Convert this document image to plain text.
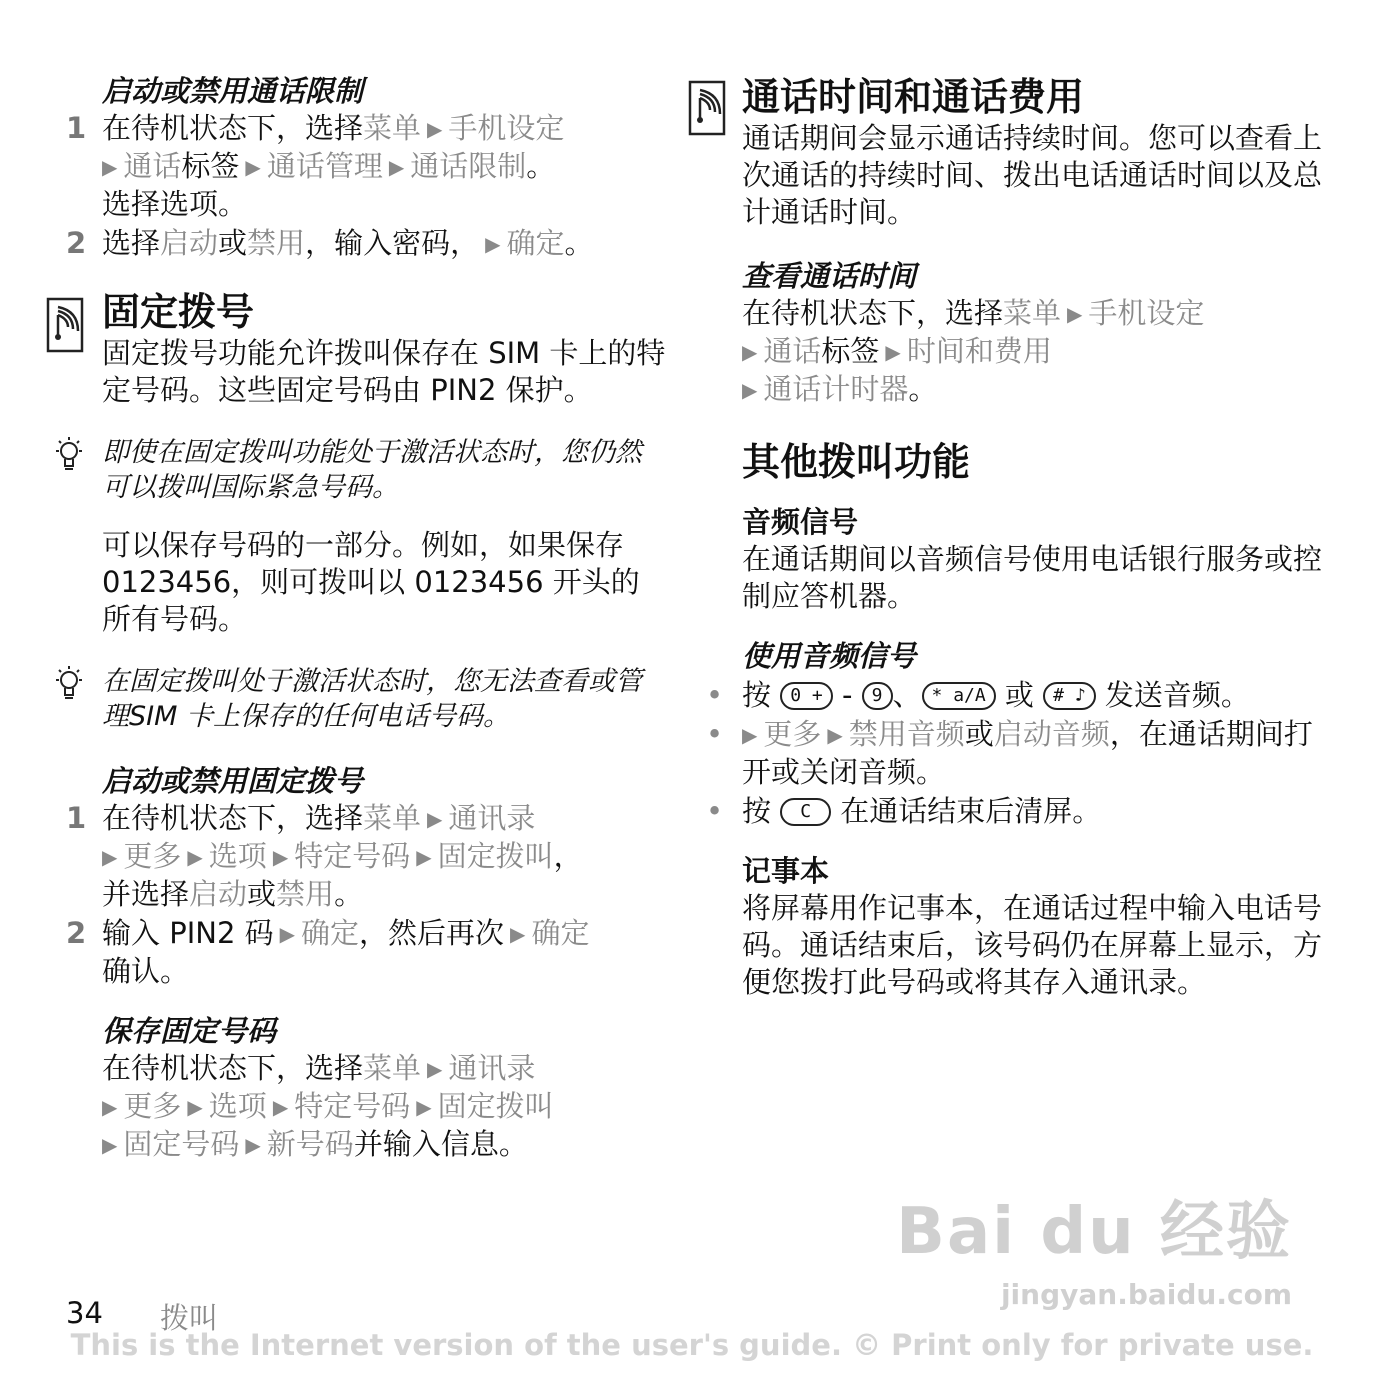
启动或禁用通话限制
1 在待机状态下，选择菜单 ▶ 手机设定
▶ 通话标签 ▶ 通话管理 ▶ 通话限制。
选择选项。
2 选择启动或禁用，输入密码， ▶ 确定。
固定拨号
固定拨号功能允许拨叫保存在 SIM 卡上的特定号码。这些固定号码由 PIN2 保护。
即使在固定拨叫功能处于激活状态时，您仍然可以拨叫国际紧急号码。
可以保存号码的一部分。例如，如果保存 0123456，则可拨叫以 0123456 开头的所有号码。
在固定拨叫处于激活状态时，您无法查看或管理SIM 卡上保存的任何电话号码。
启动或禁用固定拨号
1 在待机状态下，选择菜单 ▶ 通讯录
▶ 更多 ▶ 选项 ▶ 特定号码 ▶ 固定拨叫，
并选择启动或禁用。
2 输入 PIN2 码 ▶ 确定，然后再次 ▶ 确定
确认。
保存固定号码
在待机状态下，选择菜单 ▶ 通讯录
▶ 更多 ▶ 选项 ▶ 特定号码 ▶ 固定拨叫
▶ 固定号码 ▶ 新号码并输入信息。
通话时间和通话费用
通话期间会显示通话持续时间。您可以查看上次通话的持续时间、拨出电话通话时间以及总计通话时间。
查看通话时间
在待机状态下，选择菜单 ▶ 手机设定
▶ 通话标签 ▶ 时间和费用
▶ 通话计时器。
其他拨叫功能
音频信号
在通话期间以音频信号使用电话银行服务或控制应答机器。
使用音频信号
• 按 0 + - 9 、 * a/A 或 # ♪ 发送音频。
• ▶ 更多 ▶ 禁用音频或启动音频，在通话期间打开或关闭音频。
• 按 C 在通话结束后清屏。
记事本
将屏幕用作记事本，在通话过程中输入电话号码。通话结束后，该号码仍在屏幕上显示，方便您拨打此号码或将其存入通讯录。
Bai du 经验
jingyan.baidu.com
34 拨叫
This is the Internet version of the user's guide. © Print only for private use.
